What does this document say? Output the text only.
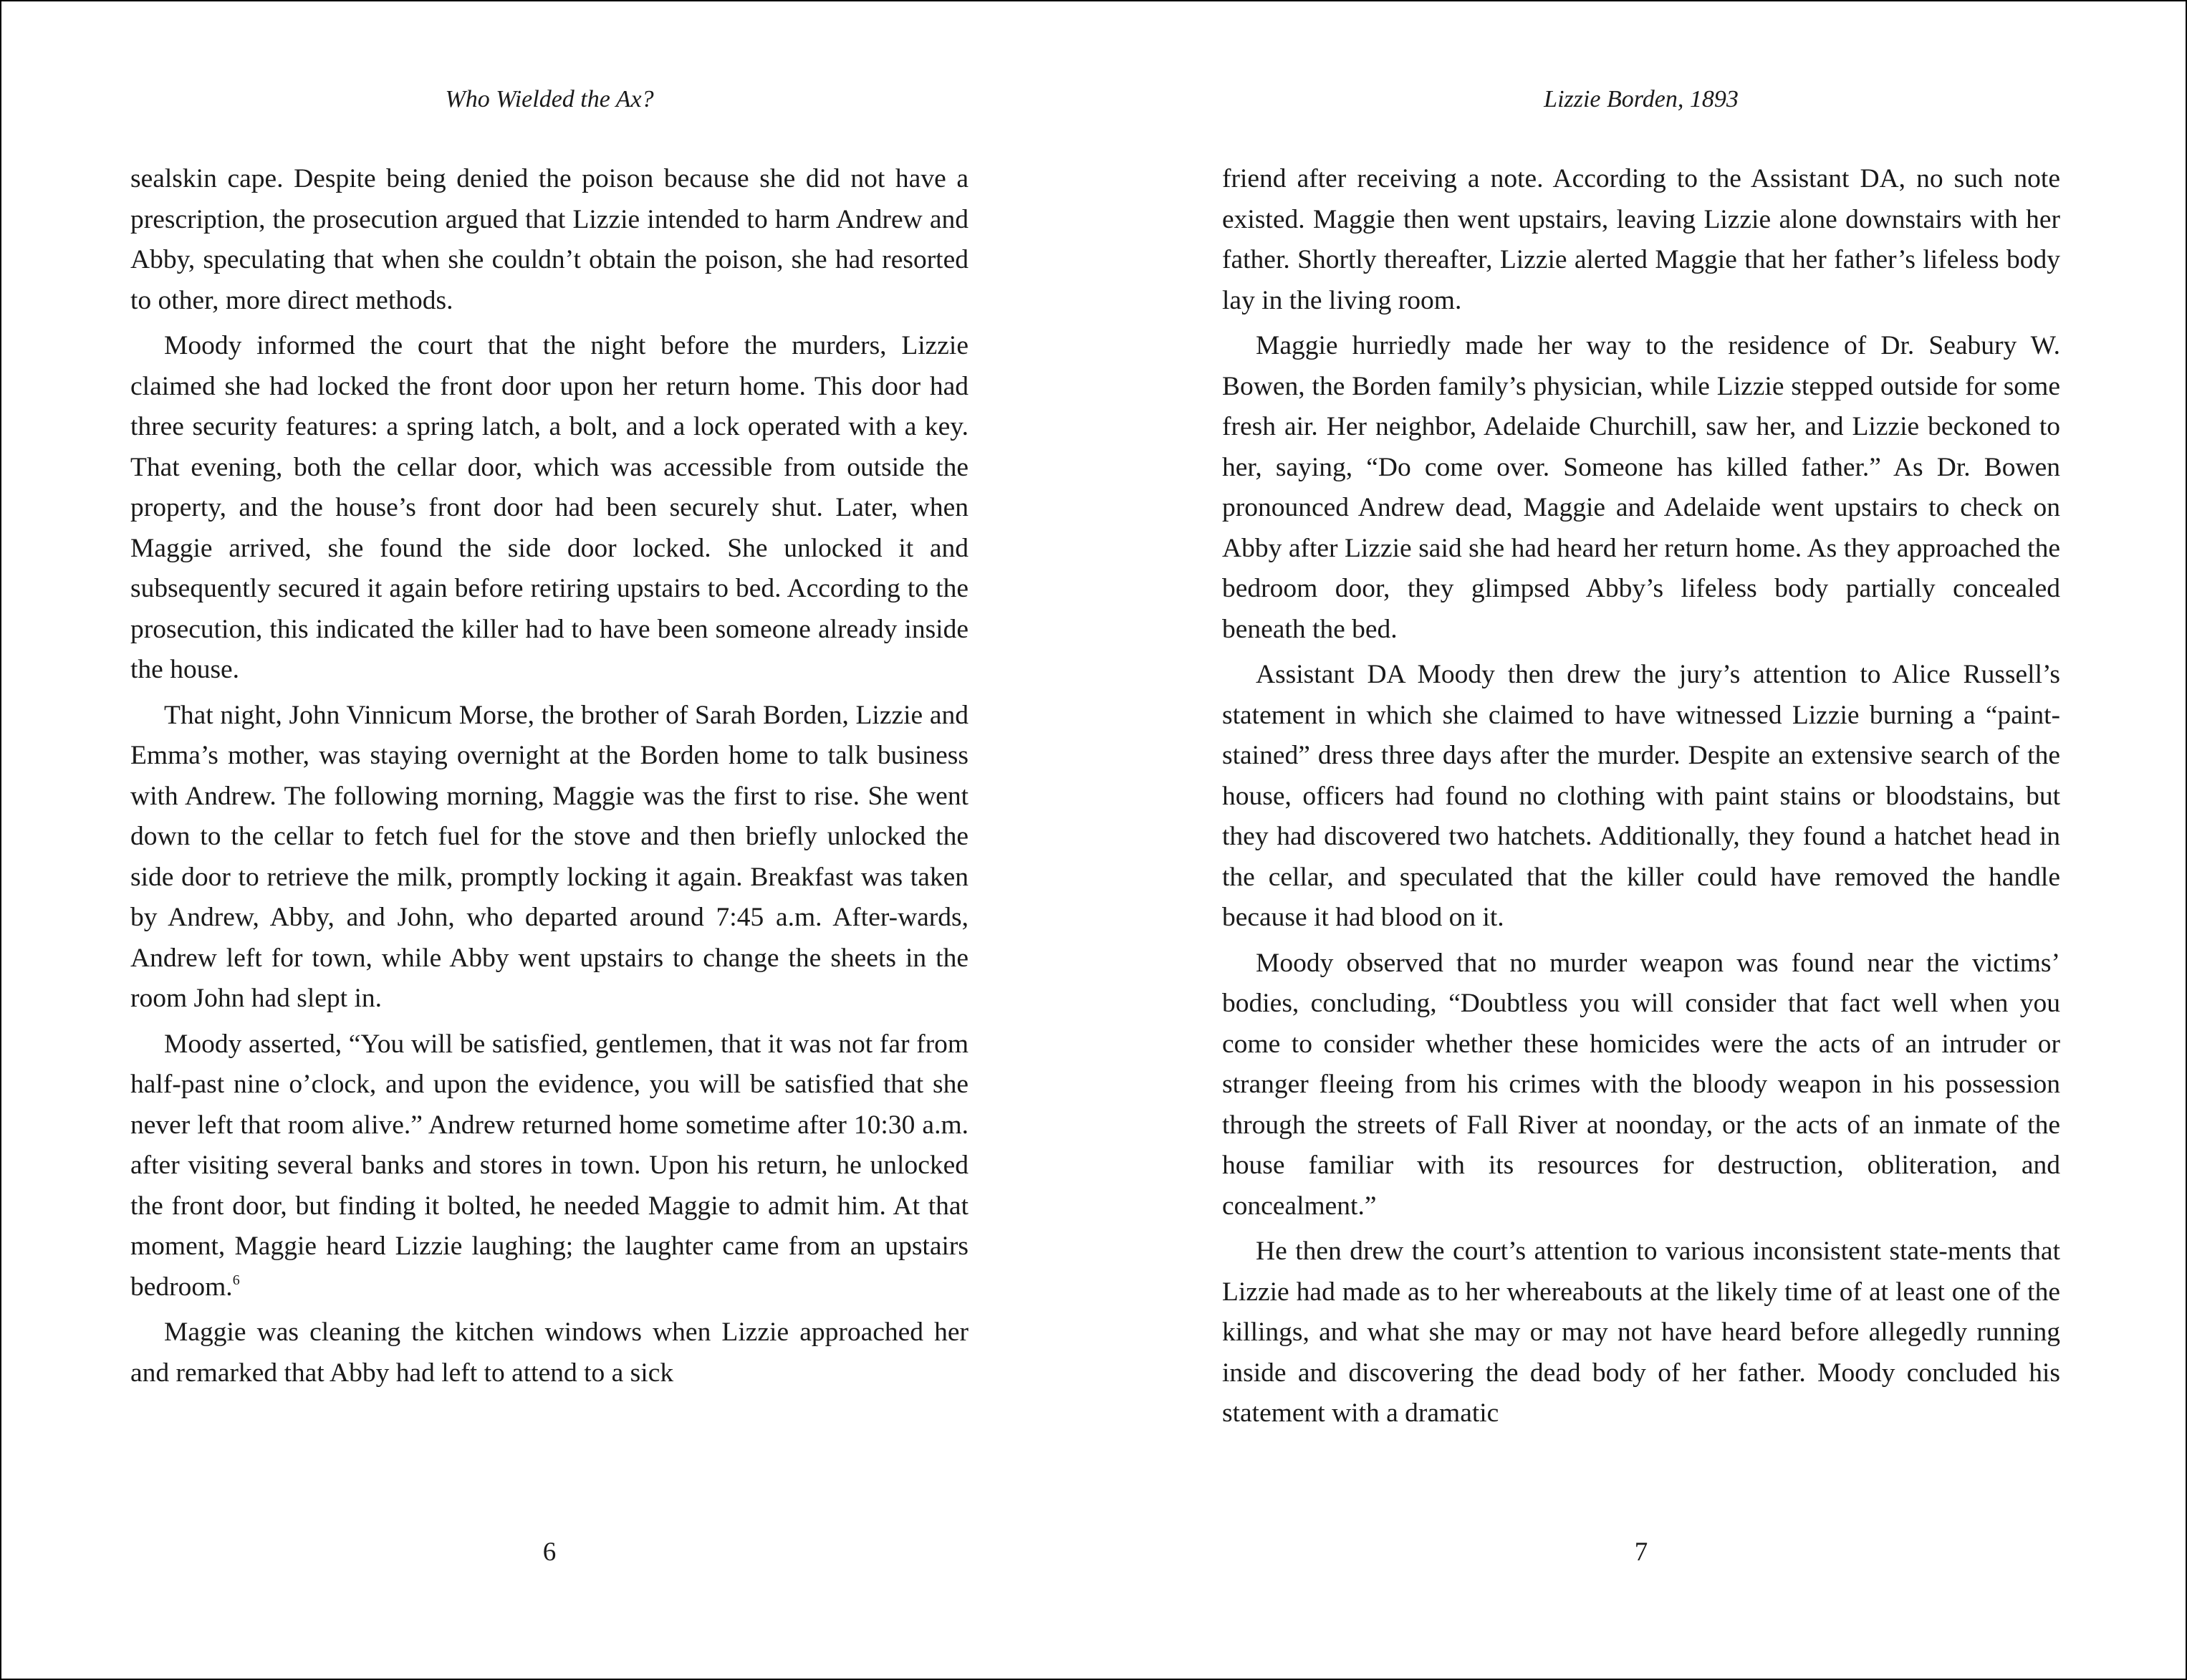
Who Wielded the Ax?

sealskin cape. Despite being denied the poison because she did not have a prescription, the prosecution argued that Lizzie intended to harm Andrew and Abby, speculating that when she couldn’t obtain the poison, she had resorted to other, more direct methods.

Moody informed the court that the night before the murders, Lizzie claimed she had locked the front door upon her return home. This door had three security features: a spring latch, a bolt, and a lock operated with a key. That evening, both the cellar door, which was accessible from outside the property, and the house’s front door had been securely shut. Later, when Maggie arrived, she found the side door locked. She unlocked it and subsequently secured it again before retiring upstairs to bed. According to the prosecution, this indicated the killer had to have been someone already inside the house.

That night, John Vinnicum Morse, the brother of Sarah Borden, Lizzie and Emma’s mother, was staying overnight at the Borden home to talk business with Andrew. The following morning, Maggie was the first to rise. She went down to the cellar to fetch fuel for the stove and then briefly unlocked the side door to retrieve the milk, promptly locking it again. Breakfast was taken by Andrew, Abby, and John, who departed around 7:45 a.m. After-wards, Andrew left for town, while Abby went upstairs to change the sheets in the room John had slept in.

Moody asserted, “You will be satisfied, gentlemen, that it was not far from half-past nine o’clock, and upon the evidence, you will be satisfied that she never left that room alive.” Andrew returned home sometime after 10:30 a.m. after visiting several banks and stores in town. Upon his return, he unlocked the front door, but finding it bolted, he needed Maggie to admit him. At that moment, Maggie heard Lizzie laughing; the laughter came from an upstairs bedroom.$^6$

Maggie was cleaning the kitchen windows when Lizzie approached her and remarked that Abby had left to attend to a sick

6
Lizzie Borden, 1893

friend after receiving a note. According to the Assistant DA, no such note existed. Maggie then went upstairs, leaving Lizzie alone downstairs with her father. Shortly thereafter, Lizzie alerted Maggie that her father’s lifeless body lay in the living room.

Maggie hurriedly made her way to the residence of Dr. Seabury W. Bowen, the Borden family’s physician, while Lizzie stepped outside for some fresh air. Her neighbor, Adelaide Churchill, saw her, and Lizzie beckoned to her, saying, “Do come over. Someone has killed father.” As Dr. Bowen pronounced Andrew dead, Maggie and Adelaide went upstairs to check on Abby after Lizzie said she had heard her return home. As they approached the bedroom door, they glimpsed Abby’s lifeless body partially concealed beneath the bed.

Assistant DA Moody then drew the jury’s attention to Alice Russell’s statement in which she claimed to have witnessed Lizzie burning a “paint-stained” dress three days after the murder. Despite an extensive search of the house, officers had found no clothing with paint stains or bloodstains, but they had discovered two hatchets. Additionally, they found a hatchet head in the cellar, and speculated that the killer could have removed the handle because it had blood on it.

Moody observed that no murder weapon was found near the victims’ bodies, concluding, “Doubtless you will consider that fact well when you come to consider whether these homicides were the acts of an intruder or stranger fleeing from his crimes with the bloody weapon in his possession through the streets of Fall River at noonday, or the acts of an inmate of the house familiar with its resources for destruction, obliteration, and concealment.”

He then drew the court’s attention to various inconsistent state-ments that Lizzie had made as to her whereabouts at the likely time of at least one of the killings, and what she may or may not have heard before allegedly running inside and discovering the dead body of her father. Moody concluded his statement with a dramatic

7
